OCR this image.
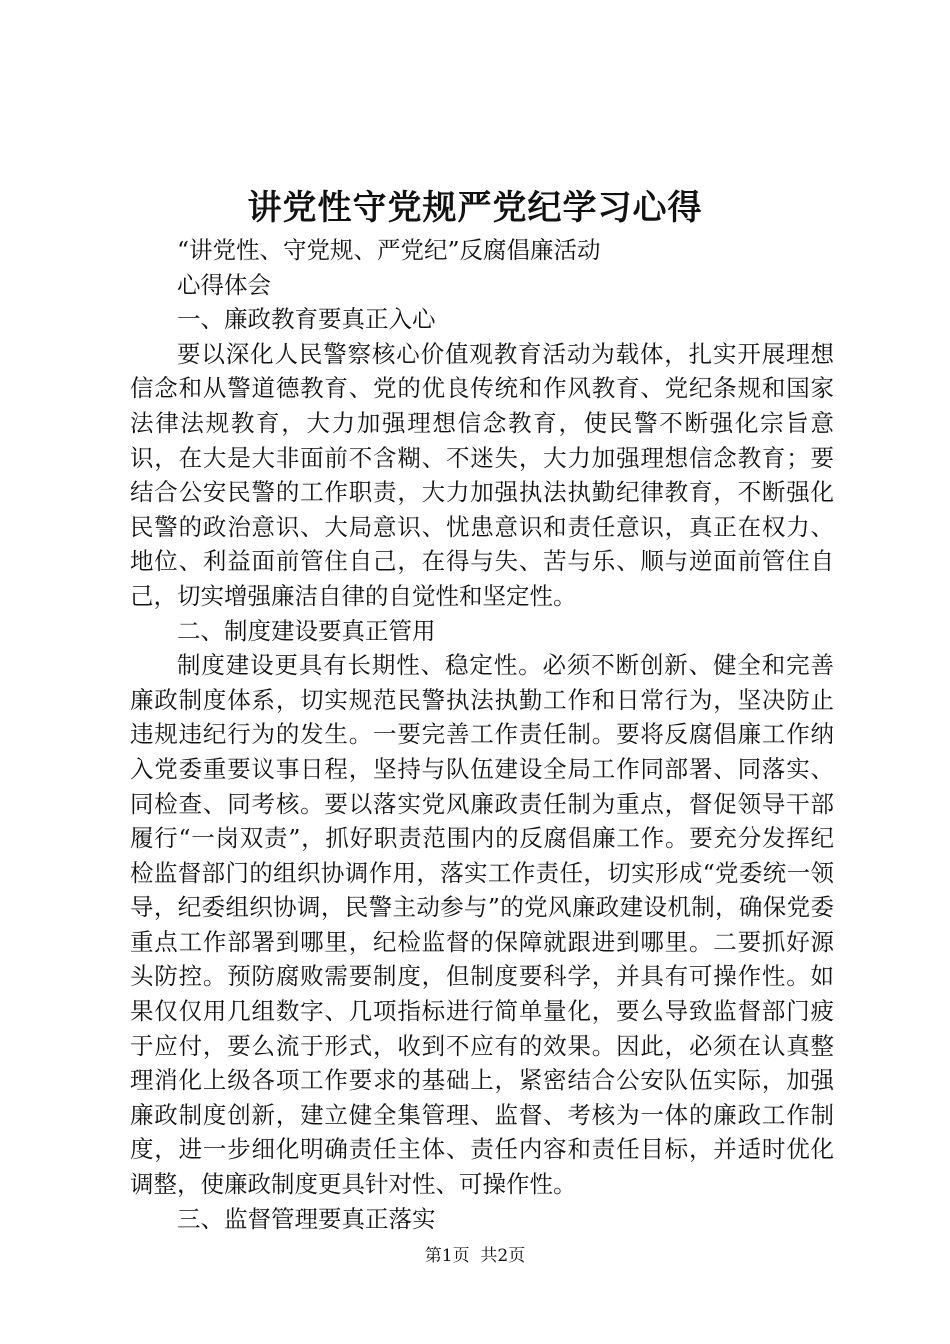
讲党性守党规严党纪学习心得

“讲党性、守党规、严党纪”反腐倡廉活动

心得体会

一、廉政教育要真正入心

要以深化人民警察核心价值观教育活动为载体，扎实开展理想信念和从警道德教育、党的优良传统和作风教育、党纪条规和国家法律法规教育，大力加强理想信念教育，使民警不断强化宗旨意识，在大是大非面前不含糊、不迷失，大力加强理想信念教育；要结合公安民警的工作职责，大力加强执法执勤纪律教育，不断强化民警的政治意识、大局意识、忧患意识和责任意识，真正在权力、地位、利益面前管住自己，在得与失、苦与乐、顺与逆面前管住自己，切实增强廉洁自律的自觉性和坚定性。

二、制度建设要真正管用

制度建设更具有长期性、稳定性。必须不断创新、健全和完善廉政制度体系，切实规范民警执法执勤工作和日常行为，坚决防止违规违纪行为的发生。一要完善工作责任制。要将反腐倡廉工作纳入党委重要议事日程，坚持与队伍建设全局工作同部署、同落实、同检查、同考核。要以落实党风廉政责任制为重点，督促领导干部履行“一岗双责”，抓好职责范围内的反腐倡廉工作。要充分发挥纪检监督部门的组织协调作用，落实工作责任，切实形成“党委统一领导，纪委组织协调，民警主动参与”的党风廉政建设机制，确保党委重点工作部署到哪里，纪检监督的保障就跟进到哪里。二要抓好源头防控。预防腐败需要制度，但制度要科学，并具有可操作性。如果仅仅用几组数字、几项指标进行简单量化，要么导致监督部门疲于应付，要么流于形式，收到不应有的效果。因此，必须在认真整理消化上级各项工作要求的基础上，紧密结合公安队伍实际，加强廉政制度创新，建立健全集管理、监督、考核为一体的廉政工作制度，进一步细化明确责任主体、责任内容和责任目标，并适时优化调整，使廉政制度更具针对性、可操作性。

三、监督管理要真正落实

第1页  共2页
